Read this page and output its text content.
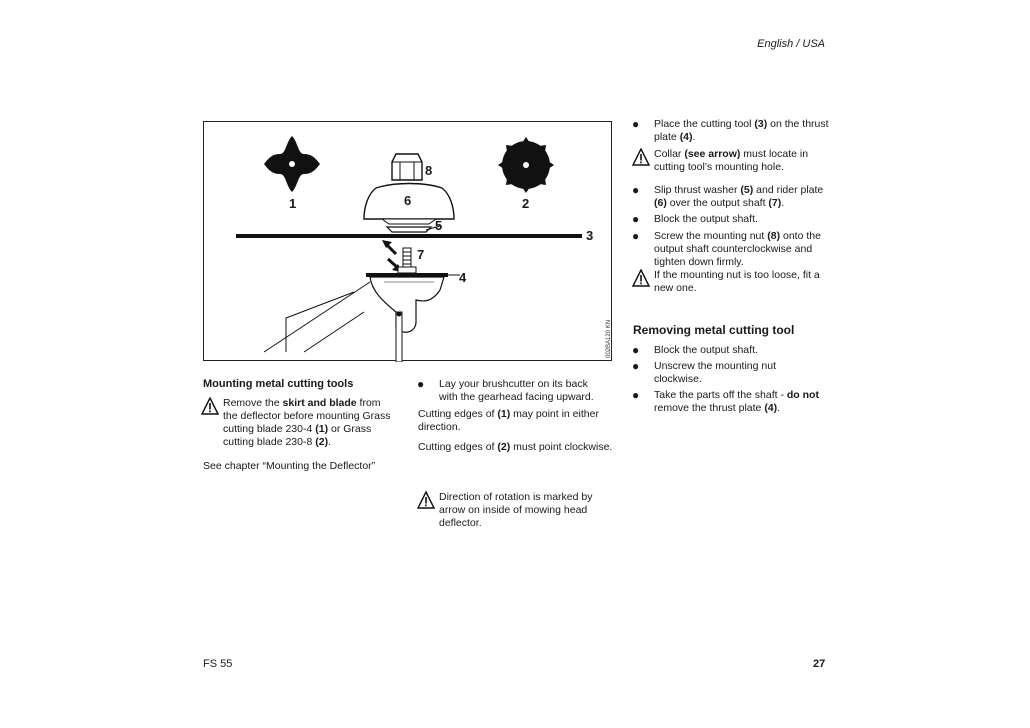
English / USA
1	2
3
4
5
6
7
8
002BA120 KN
Mounting metal cutting tools
Remove the skirt and blade from the deflector before mounting Grass cutting blade 230-4 (1) or Grass cutting blade 230-8 (2).
See chapter “Mounting the Deflector”
● Lay your brushcutter on its back with the gearhead facing upward.
Cutting edges of (1) may point in either direction.
Cutting edges of (2) must point clockwise.
Direction of rotation is marked by arrow on inside of mowing head deflector.
● Place the cutting tool (3) on the thrust plate (4).
Collar (see arrow) must locate in cutting tool’s mounting hole.
● Slip thrust washer (5) and rider plate (6) over the output shaft (7).
● Block the output shaft.
● Screw the mounting nut (8) onto the output shaft counterclockwise and tighten down firmly.
If the mounting nut is too loose, fit a new one.
Removing metal cutting tool
● Block the output shaft.
● Unscrew the mounting nut clockwise.
● Take the parts off the shaft - do not remove the thrust plate (4).
FS 55	27
